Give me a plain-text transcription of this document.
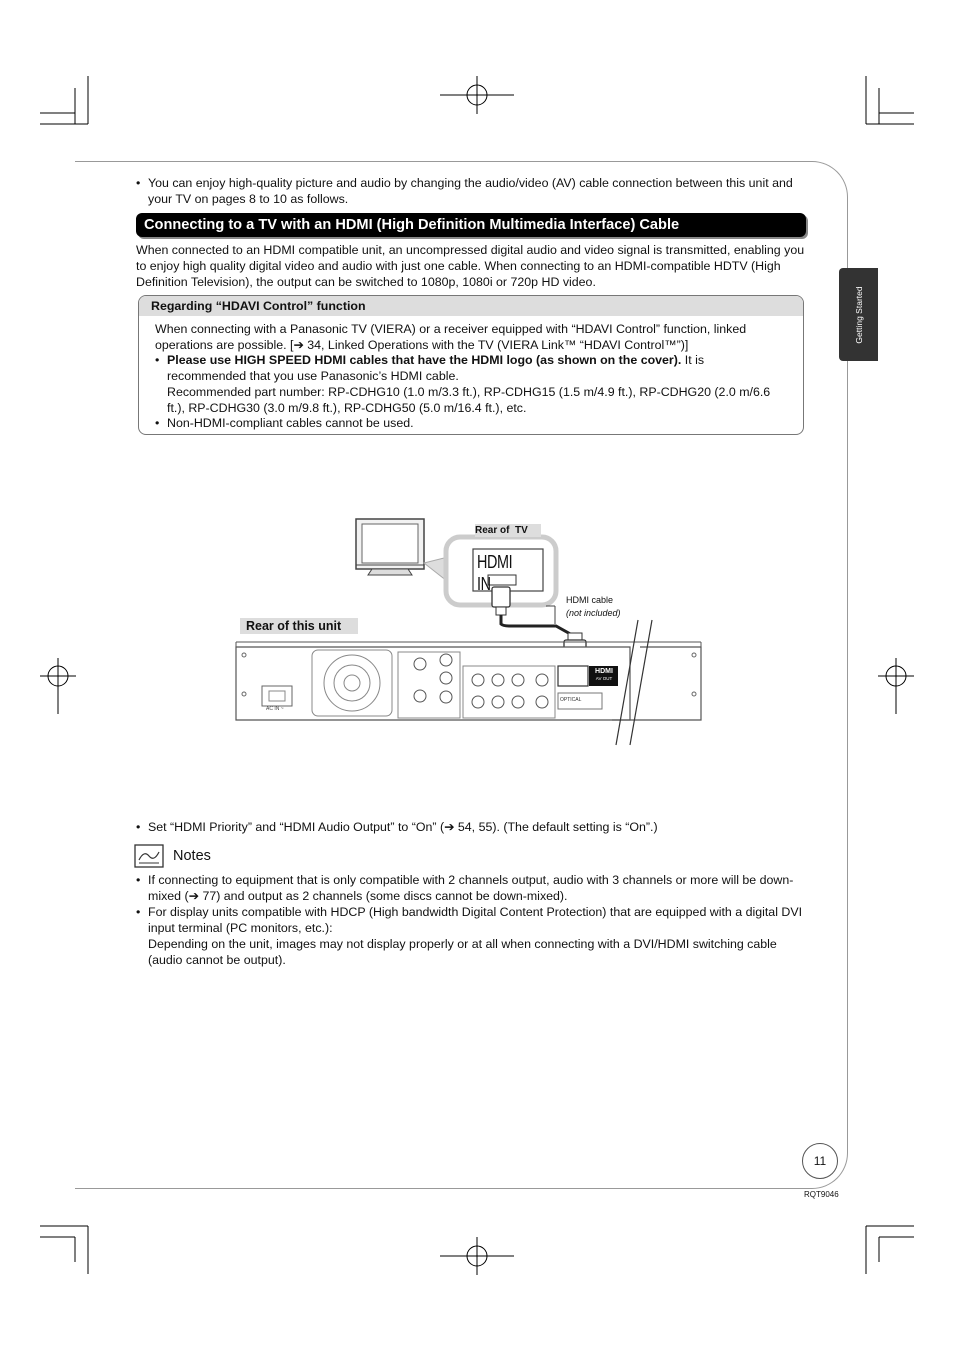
• You can enjoy high-quality picture and audio by changing the audio/video (AV) cable connection between this unit and your TV on pages 8 to 10 as follows.
Connecting to a TV with an HDMI (High Definition Multimedia Interface) Cable
When connected to an HDMI compatible unit, an uncompressed digital audio and video signal is transmitted, enabling you to enjoy high quality digital video and audio with just one cable. When connecting to an HDMI-compatible HDTV (High Definition Television), the output can be switched to 1080p, 1080i or 720p HD video.
Regarding “HDAVI Control” function
When connecting with a Panasonic TV (VIERA) or a receiver equipped with “HDAVI Control” function, linked operations are possible. [➔ 34, Linked Operations with the TV (VIERA Link™ “HDAVI Control™”)]
• Please use HIGH SPEED HDMI cables that have the HDMI logo (as shown on the cover). It is recommended that you use Panasonic’s HDMI cable.
Recommended part number: RP-CDHG10 (1.0 m/3.3 ft.), RP-CDHG15 (1.5 m/4.9 ft.), RP-CDHG20 (2.0 m/6.6 ft.), RP-CDHG30 (3.0 m/9.8 ft.), RP-CDHG50 (5.0 m/16.4 ft.), etc.
• Non-HDMI-compliant cables cannot be used.
Rear of  TV
HDMI IN
HDMI cable
(not included)
Rear of this unit
HDMI
AV OUT
OPTICAL
AC IN ~
• Set “HDMI Priority” and “HDMI Audio Output” to “On” (➔ 54, 55). (The default setting is “On”.)
Notes
• If connecting to equipment that is only compatible with 2 channels output, audio with 3 channels or more will be down-mixed (➔ 77) and output as 2 channels (some discs cannot be down-mixed).
• For display units compatible with HDCP (High bandwidth Digital Content Protection) that are equipped with a digital DVI input terminal (PC monitors, etc.):
Depending on the unit, images may not display properly or at all when connecting with a DVI/HDMI switching cable (audio cannot be output).
Getting Started
11
RQT9046
